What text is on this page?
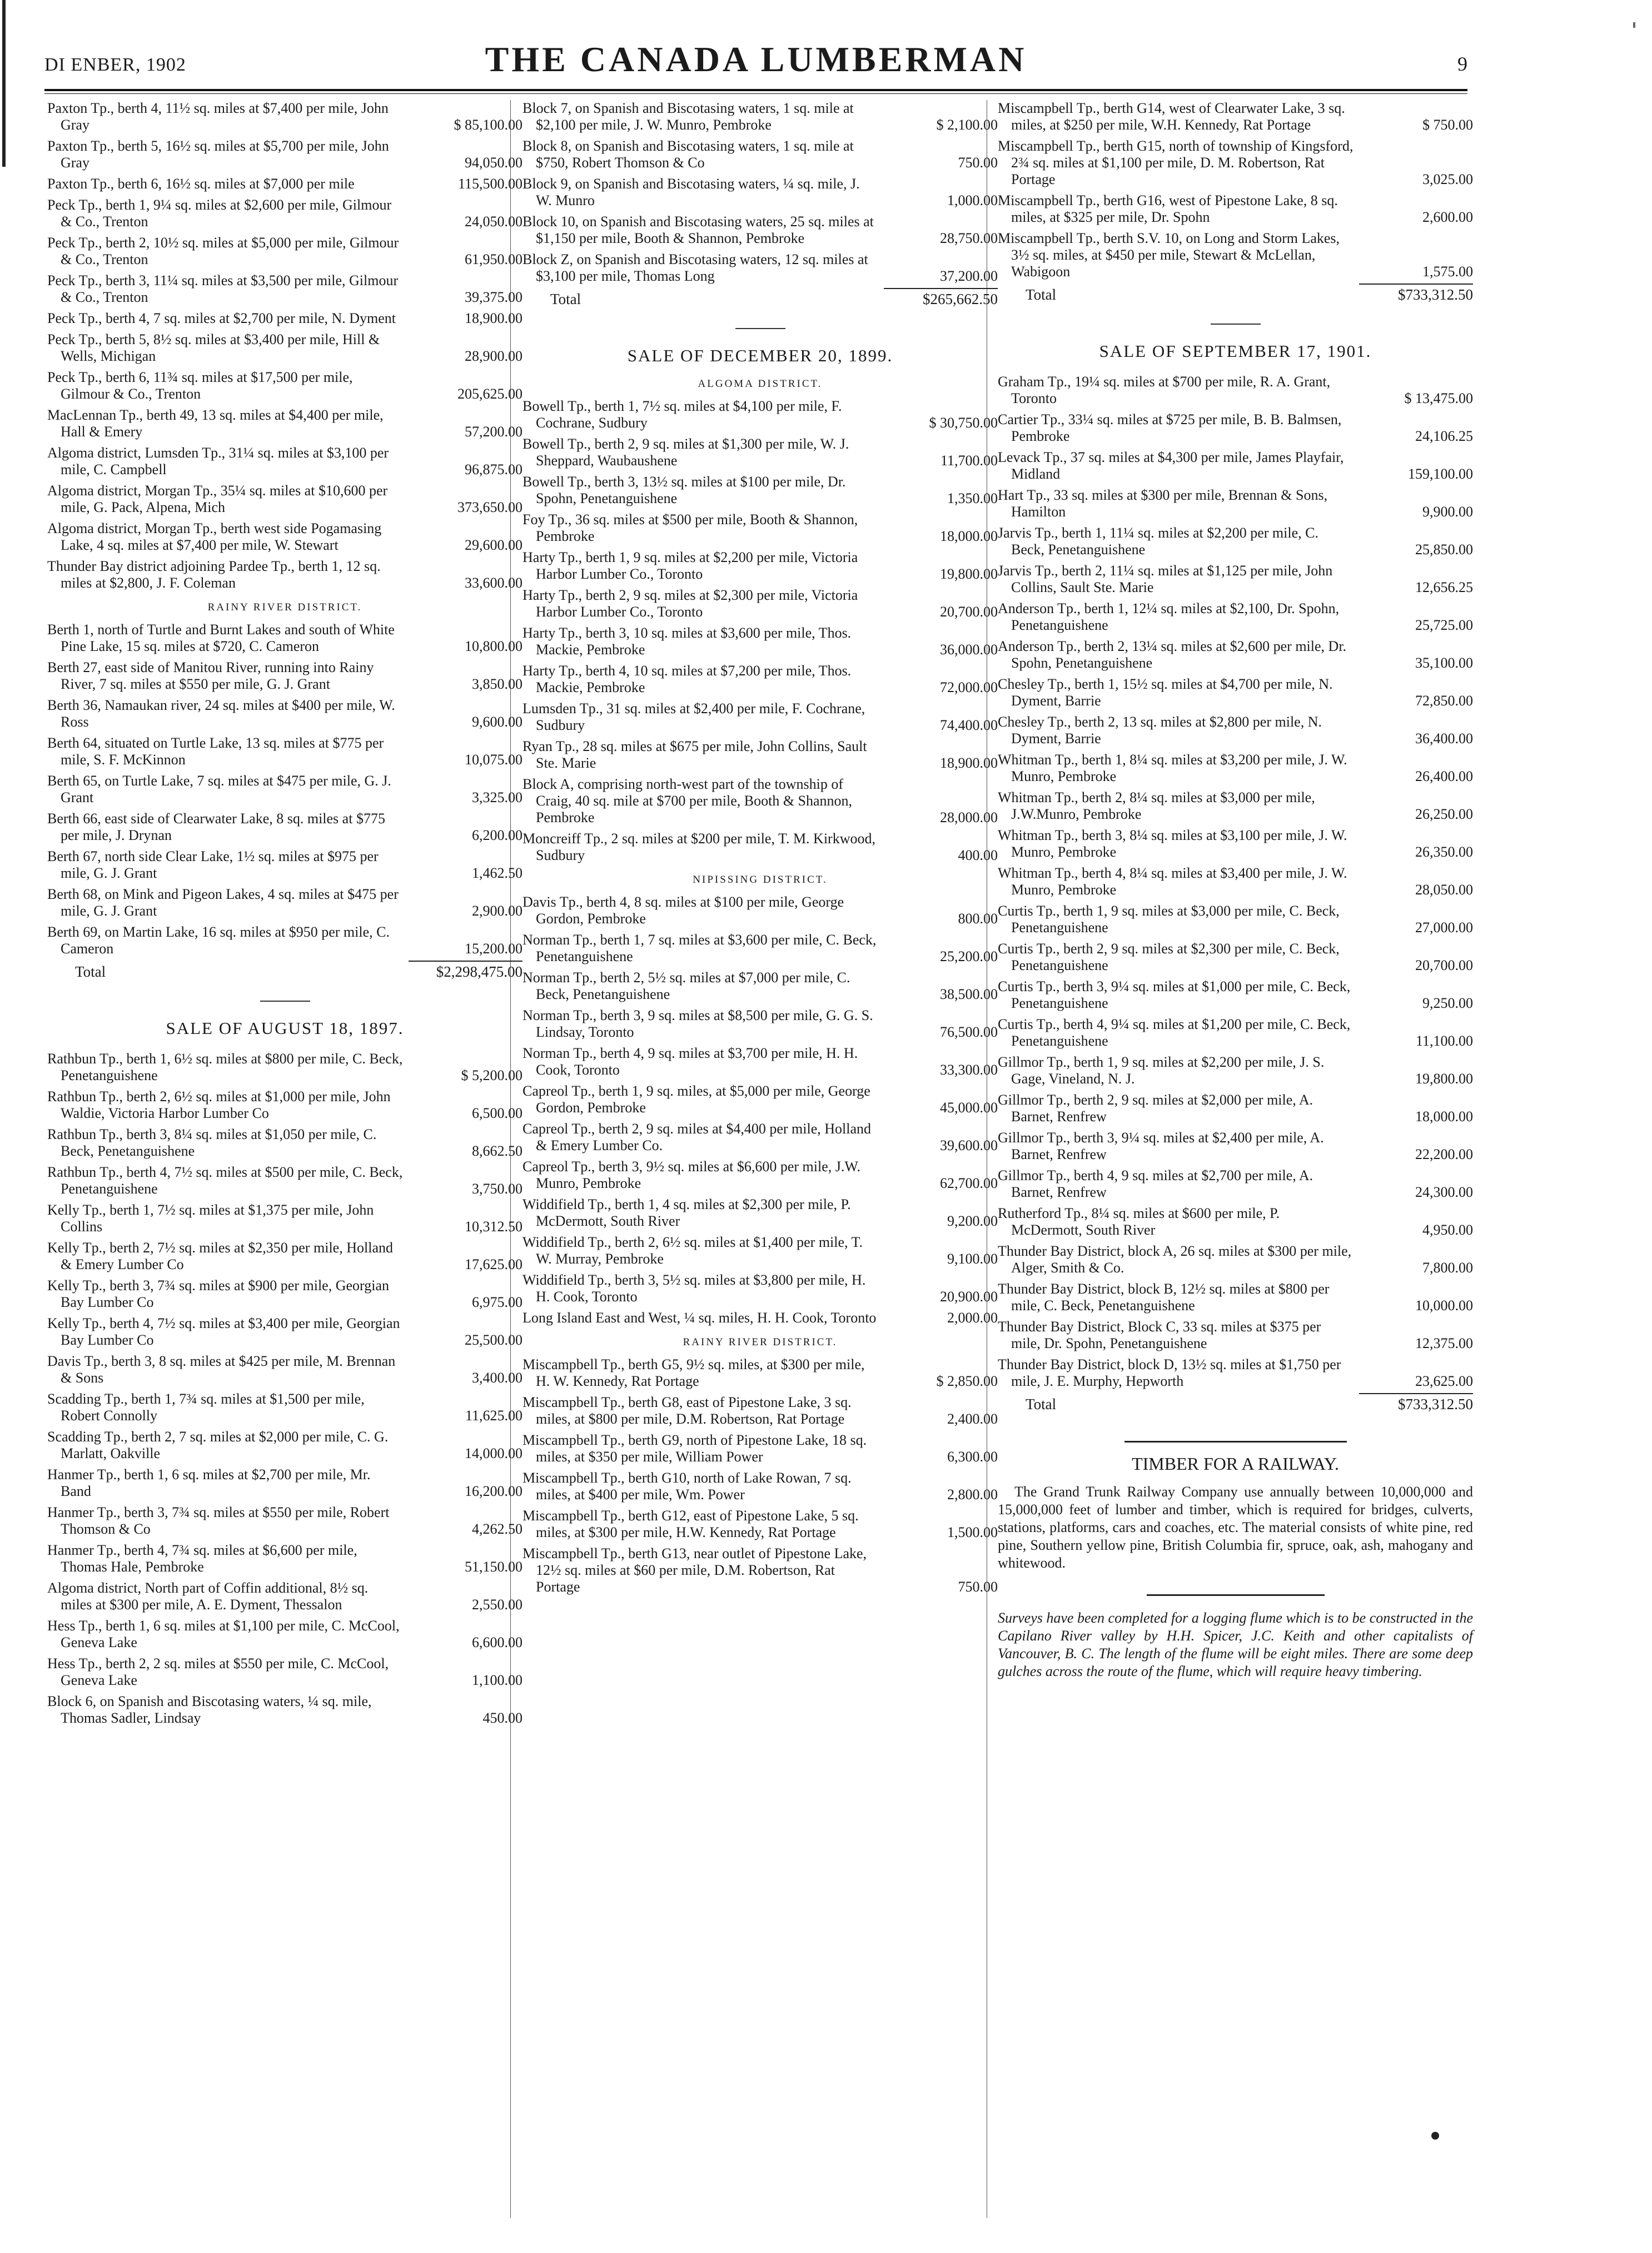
DI ENBER, 1902	THE CANADA LUMBERMAN	9
Paxton Tp., berth 4, 11½ sq. miles at $7,400 per mile, John Gray	$ 85,100.00
Paxton Tp., berth 5, 16½ sq. miles at $5,700 per mile, John Gray	94,050.00
Paxton Tp., berth 6, 16½ sq. miles at $7,000 per mile	115,500.00
Peck Tp., berth 1, 9¼ sq. miles at $2,600 per mile, Gilmour & Co., Trenton	24,050.00
Peck Tp., berth 2, 10½ sq. miles at $5,000 per mile, Gilmour & Co., Trenton	61,950.00
Peck Tp., berth 3, 11¼ sq. miles at $3,500 per mile, Gilmour & Co., Trenton	39,375.00
Peck Tp., berth 4, 7 sq. miles at $2,700 per mile, N. Dyment	18,900.00
Peck Tp., berth 5, 8½ sq. miles at $3,400 per mile, Hill & Wells, Michigan	28,900.00
Peck Tp., berth 6, 11¾ sq. miles at $17,500 per mile, Gilmour & Co., Trenton	205,625.00
MacLennan Tp., berth 49, 13 sq. miles at $4,400 per mile, Hall & Emery	57,200.00
Algoma district, Lumsden Tp., 31¼ sq. miles at $3,100 per mile, C. Campbell	96,875.00
Algoma district, Morgan Tp., 35¼ sq. miles at $10,600 per mile, G. Pack, Alpena, Mich	373,650.00
Algoma district, Morgan Tp., berth west side Pogamasing Lake, 4 sq. miles at $7,400 per mile, W. Stewart	29,600.00
Thunder Bay district adjoining Pardee Tp., berth 1, 12 sq. miles at $2,800, J. F. Coleman	33,600.00
RAINY RIVER DISTRICT.
Berth 1, north of Turtle and Burnt Lakes and south of White Pine Lake, 15 sq. miles at $720, C. Cameron	10,800.00
Berth 27, east side of Manitou River, running into Rainy River, 7 sq. miles at $550 per mile, G. J. Grant	3,850.00
Berth 36, Namaukan river, 24 sq. miles at $400 per mile, W. Ross	9,600.00
Berth 64, situated on Turtle Lake, 13 sq. miles at $775 per mile, S. F. McKinnon	10,075.00
Berth 65, on Turtle Lake, 7 sq. miles at $475 per mile, G. J. Grant	3,325.00
Berth 66, east side of Clearwater Lake, 8 sq. miles at $775 per mile, J. Drynan	6,200.00
Berth 67, north side Clear Lake, 1½ sq. miles at $975 per mile, G. J. Grant	1,462.50
Berth 68, on Mink and Pigeon Lakes, 4 sq. miles at $475 per mile, G. J. Grant	2,900.00
Berth 69, on Martin Lake, 16 sq. miles at $950 per mile, C. Cameron	15,200.00
Total	$2,298,475.00
SALE OF AUGUST 18, 1897.
Rathbun Tp., berth 1, 6½ sq. miles at $800 per mile, C. Beck, Penetanguishene	$ 5,200.00
Rathbun Tp., berth 2, 6½ sq. miles at $1,000 per mile, John Waldie, Victoria Harbor Lumber Co	6,500.00
Rathbun Tp., berth 3, 8¼ sq. miles at $1,050 per mile, C. Beck, Penetanguishene	8,662.50
Rathbun Tp., berth 4, 7½ sq. miles at $500 per mile, C. Beck, Penetanguishene	3,750.00
Kelly Tp., berth 1, 7½ sq. miles at $1,375 per mile, John Collins	10,312.50
Kelly Tp., berth 2, 7½ sq. miles at $2,350 per mile, Holland & Emery Lumber Co	17,625.00
Kelly Tp., berth 3, 7¾ sq. miles at $900 per mile, Georgian Bay Lumber Co	6,975.00
Kelly Tp., berth 4, 7½ sq. miles at $3,400 per mile, Georgian Bay Lumber Co	25,500.00
Davis Tp., berth 3, 8 sq. miles at $425 per mile, M. Brennan & Sons	3,400.00
Scadding Tp., berth 1, 7¾ sq. miles at $1,500 per mile, Robert Connolly	11,625.00
Scadding Tp., berth 2, 7 sq. miles at $2,000 per mile, C. G. Marlatt, Oakville	14,000.00
Hanmer Tp., berth 1, 6 sq. miles at $2,700 per mile, Mr. Band	16,200.00
Hanmer Tp., berth 3, 7¾ sq. miles at $550 per mile, Robert Thomson & Co	4,262.50
Hanmer Tp., berth 4, 7¾ sq. miles at $6,600 per mile, Thomas Hale, Pembroke	51,150.00
Algoma district, North part of Coffin additional, 8½ sq. miles at $300 per mile, A. E. Dyment, Thessalon	2,550.00
Hess Tp., berth 1, 6 sq. miles at $1,100 per mile, C. McCool, Geneva Lake	6,600.00
Hess Tp., berth 2, 2 sq. miles at $550 per mile, C. McCool, Geneva Lake	1,100.00
Block 6, on Spanish and Biscotasing waters, ¼ sq. mile, Thomas Sadler, Lindsay	450.00
Block 7, on Spanish and Biscotasing waters, 1 sq. mile at $2,100 per mile, J. W. Munro, Pembroke	$ 2,100.00
Block 8, on Spanish and Biscotasing waters, 1 sq. mile at $750, Robert Thomson & Co	750.00
Block 9, on Spanish and Biscotasing waters, ¼ sq. mile, J. W. Munro	1,000.00
Block 10, on Spanish and Biscotasing waters, 25 sq. miles at $1,150 per mile, Booth & Shannon, Pembroke	28,750.00
Block Z, on Spanish and Biscotasing waters, 12 sq. miles at $3,100 per mile, Thomas Long	37,200.00
Total	$265,662.50
SALE OF DECEMBER 20, 1899.
ALGOMA DISTRICT.
Bowell Tp., berth 1, 7½ sq. miles at $4,100 per mile, F. Cochrane, Sudbury	$ 30,750.00
Bowell Tp., berth 2, 9 sq. miles at $1,300 per mile, W. J. Sheppard, Waubaushene	11,700.00
Bowell Tp., berth 3, 13½ sq. miles at $100 per mile, Dr. Spohn, Penetanguishene	1,350.00
Foy Tp., 36 sq. miles at $500 per mile, Booth & Shannon, Pembroke	18,000.00
Harty Tp., berth 1, 9 sq. miles at $2,200 per mile, Victoria Harbor Lumber Co., Toronto	19,800.00
Harty Tp., berth 2, 9 sq. miles at $2,300 per mile, Victoria Harbor Lumber Co., Toronto	20,700.00
Harty Tp., berth 3, 10 sq. miles at $3,600 per mile, Thos. Mackie, Pembroke	36,000.00
Harty Tp., berth 4, 10 sq. miles at $7,200 per mile, Thos. Mackie, Pembroke	72,000.00
Lumsden Tp., 31 sq. miles at $2,400 per mile, F. Cochrane, Sudbury	74,400.00
Ryan Tp., 28 sq. miles at $675 per mile, John Collins, Sault Ste. Marie	18,900.00
Block A, comprising north-west part of the township of Craig, 40 sq. mile at $700 per mile, Booth & Shannon, Pembroke	28,000.00
Moncreiff Tp., 2 sq. miles at $200 per mile, T. M. Kirkwood, Sudbury	400.00
NIPISSING DISTRICT.
Davis Tp., berth 4, 8 sq. miles at $100 per mile, George Gordon, Pembroke	800.00
Norman Tp., berth 1, 7 sq. miles at $3,600 per mile, C. Beck, Penetanguishene	25,200.00
Norman Tp., berth 2, 5½ sq. miles at $7,000 per mile, C. Beck, Penetanguishene	38,500.00
Norman Tp., berth 3, 9 sq. miles at $8,500 per mile, G. G. S. Lindsay, Toronto	76,500.00
Norman Tp., berth 4, 9 sq. miles at $3,700 per mile, H. H. Cook, Toronto	33,300.00
Capreol Tp., berth 1, 9 sq. miles, at $5,000 per mile, George Gordon, Pembroke	45,000.00
Capreol Tp., berth 2, 9 sq. miles at $4,400 per mile, Holland & Emery Lumber Co.	39,600.00
Capreol Tp., berth 3, 9½ sq. miles at $6,600 per mile, J.W. Munro, Pembroke	62,700.00
Widdifield Tp., berth 1, 4 sq. miles at $2,300 per mile, P. McDermott, South River	9,200.00
Widdifield Tp., berth 2, 6½ sq. miles at $1,400 per mile, T. W. Murray, Pembroke	9,100.00
Widdifield Tp., berth 3, 5½ sq. miles at $3,800 per mile, H. H. Cook, Toronto	20,900.00
Long Island East and West, ¼ sq. miles, H. H. Cook, Toronto	2,000.00
RAINY RIVER DISTRICT.
Miscampbell Tp., berth G5, 9½ sq. miles, at $300 per mile, H. W. Kennedy, Rat Portage	$ 2,850.00
Miscampbell Tp., berth G8, east of Pipestone Lake, 3 sq. miles, at $800 per mile, D.M. Robertson, Rat Portage	2,400.00
Miscampbell Tp., berth G9, north of Pipestone Lake, 18 sq. miles, at $350 per mile, William Power	6,300.00
Miscampbell Tp., berth G10, north of Lake Rowan, 7 sq. miles, at $400 per mile, Wm. Power	2,800.00
Miscampbell Tp., berth G12, east of Pipestone Lake, 5 sq. miles, at $300 per mile, H.W. Kennedy, Rat Portage	1,500.00
Miscampbell Tp., berth G13, near outlet of Pipestone Lake, 12½ sq. miles at $60 per mile, D.M. Robertson, Rat Portage	750.00
Miscampbell Tp., berth G14, west of Clearwater Lake, 3 sq. miles, at $250 per mile, W.H. Kennedy, Rat Portage	$ 750.00
Miscampbell Tp., berth G15, north of township of Kingsford, 2¾ sq. miles at $1,100 per mile, D. M. Robertson, Rat Portage	3,025.00
Miscampbell Tp., berth G16, west of Pipestone Lake, 8 sq. miles, at $325 per mile, Dr. Spohn	2,600.00
Miscampbell Tp., berth S.V. 10, on Long and Storm Lakes, 3½ sq. miles, at $450 per mile, Stewart & McLellan, Wabigoon	1,575.00
Total	$733,312.50
SALE OF SEPTEMBER 17, 1901.
Graham Tp., 19¼ sq. miles at $700 per mile, R. A. Grant, Toronto	$ 13,475.00
Cartier Tp., 33¼ sq. miles at $725 per mile, B. B. Balmsen, Pembroke	24,106.25
Levack Tp., 37 sq. miles at $4,300 per mile, James Playfair, Midland	159,100.00
Hart Tp., 33 sq. miles at $300 per mile, Brennan & Sons, Hamilton	9,900.00
Jarvis Tp., berth 1, 11¼ sq. miles at $2,200 per mile, C. Beck, Penetanguishene	25,850.00
Jarvis Tp., berth 2, 11¼ sq. miles at $1,125 per mile, John Collins, Sault Ste. Marie	12,656.25
Anderson Tp., berth 1, 12¼ sq. miles at $2,100, Dr. Spohn, Penetanguishene	25,725.00
Anderson Tp., berth 2, 13¼ sq. miles at $2,600 per mile, Dr. Spohn, Penetanguishene	35,100.00
Chesley Tp., berth 1, 15½ sq. miles at $4,700 per mile, N. Dyment, Barrie	72,850.00
Chesley Tp., berth 2, 13 sq. miles at $2,800 per mile, N. Dyment, Barrie	36,400.00
Whitman Tp., berth 1, 8¼ sq. miles at $3,200 per mile, J. W. Munro, Pembroke	26,400.00
Whitman Tp., berth 2, 8¼ sq. miles at $3,000 per mile, J.W.Munro, Pembroke	26,250.00
Whitman Tp., berth 3, 8¼ sq. miles at $3,100 per mile, J. W. Munro, Pembroke	26,350.00
Whitman Tp., berth 4, 8¼ sq. miles at $3,400 per mile, J. W. Munro, Pembroke	28,050.00
Curtis Tp., berth 1, 9 sq. miles at $3,000 per mile, C. Beck, Penetanguishene	27,000.00
Curtis Tp., berth 2, 9 sq. miles at $2,300 per mile, C. Beck, Penetanguishene	20,700.00
Curtis Tp., berth 3, 9¼ sq. miles at $1,000 per mile, C. Beck, Penetanguishene	9,250.00
Curtis Tp., berth 4, 9¼ sq. miles at $1,200 per mile, C. Beck, Penetanguishene	11,100.00
Gillmor Tp., berth 1, 9 sq. miles at $2,200 per mile, J. S. Gage, Vineland, N. J.	19,800.00
Gillmor Tp., berth 2, 9 sq. miles at $2,000 per mile, A. Barnet, Renfrew	18,000.00
Gillmor Tp., berth 3, 9¼ sq. miles at $2,400 per mile, A. Barnet, Renfrew	22,200.00
Gillmor Tp., berth 4, 9 sq. miles at $2,700 per mile, A. Barnet, Renfrew	24,300.00
Rutherford Tp., 8¼ sq. miles at $600 per mile, P. McDermott, South River	4,950.00
Thunder Bay District, block A, 26 sq. miles at $300 per mile, Alger, Smith & Co.	7,800.00
Thunder Bay District, block B, 12½ sq. miles at $800 per mile, C. Beck, Penetanguishene	10,000.00
Thunder Bay District, Block C, 33 sq. miles at $375 per mile, Dr. Spohn, Penetanguishene	12,375.00
Thunder Bay District, block D, 13½ sq. miles at $1,750 per mile, J. E. Murphy, Hepworth	23,625.00
Total	$733,312.50
TIMBER FOR A RAILWAY.

The Grand Trunk Railway Company use annually between 10,000,000 and 15,000,000 feet of lumber and timber, which is required for bridges, culverts, stations, platforms, cars and coaches, etc. The material consists of white pine, red pine, Southern yellow pine, British Columbia fir, spruce, oak, ash, mahogany and whitewood.

Surveys have been completed for a logging flume which is to be constructed in the Capilano River valley by H.H. Spicer, J.C. Keith and other capitalists of Vancouver, B. C. The length of the flume will be eight miles. There are some deep gulches across the route of the flume, which will require heavy timbering.
